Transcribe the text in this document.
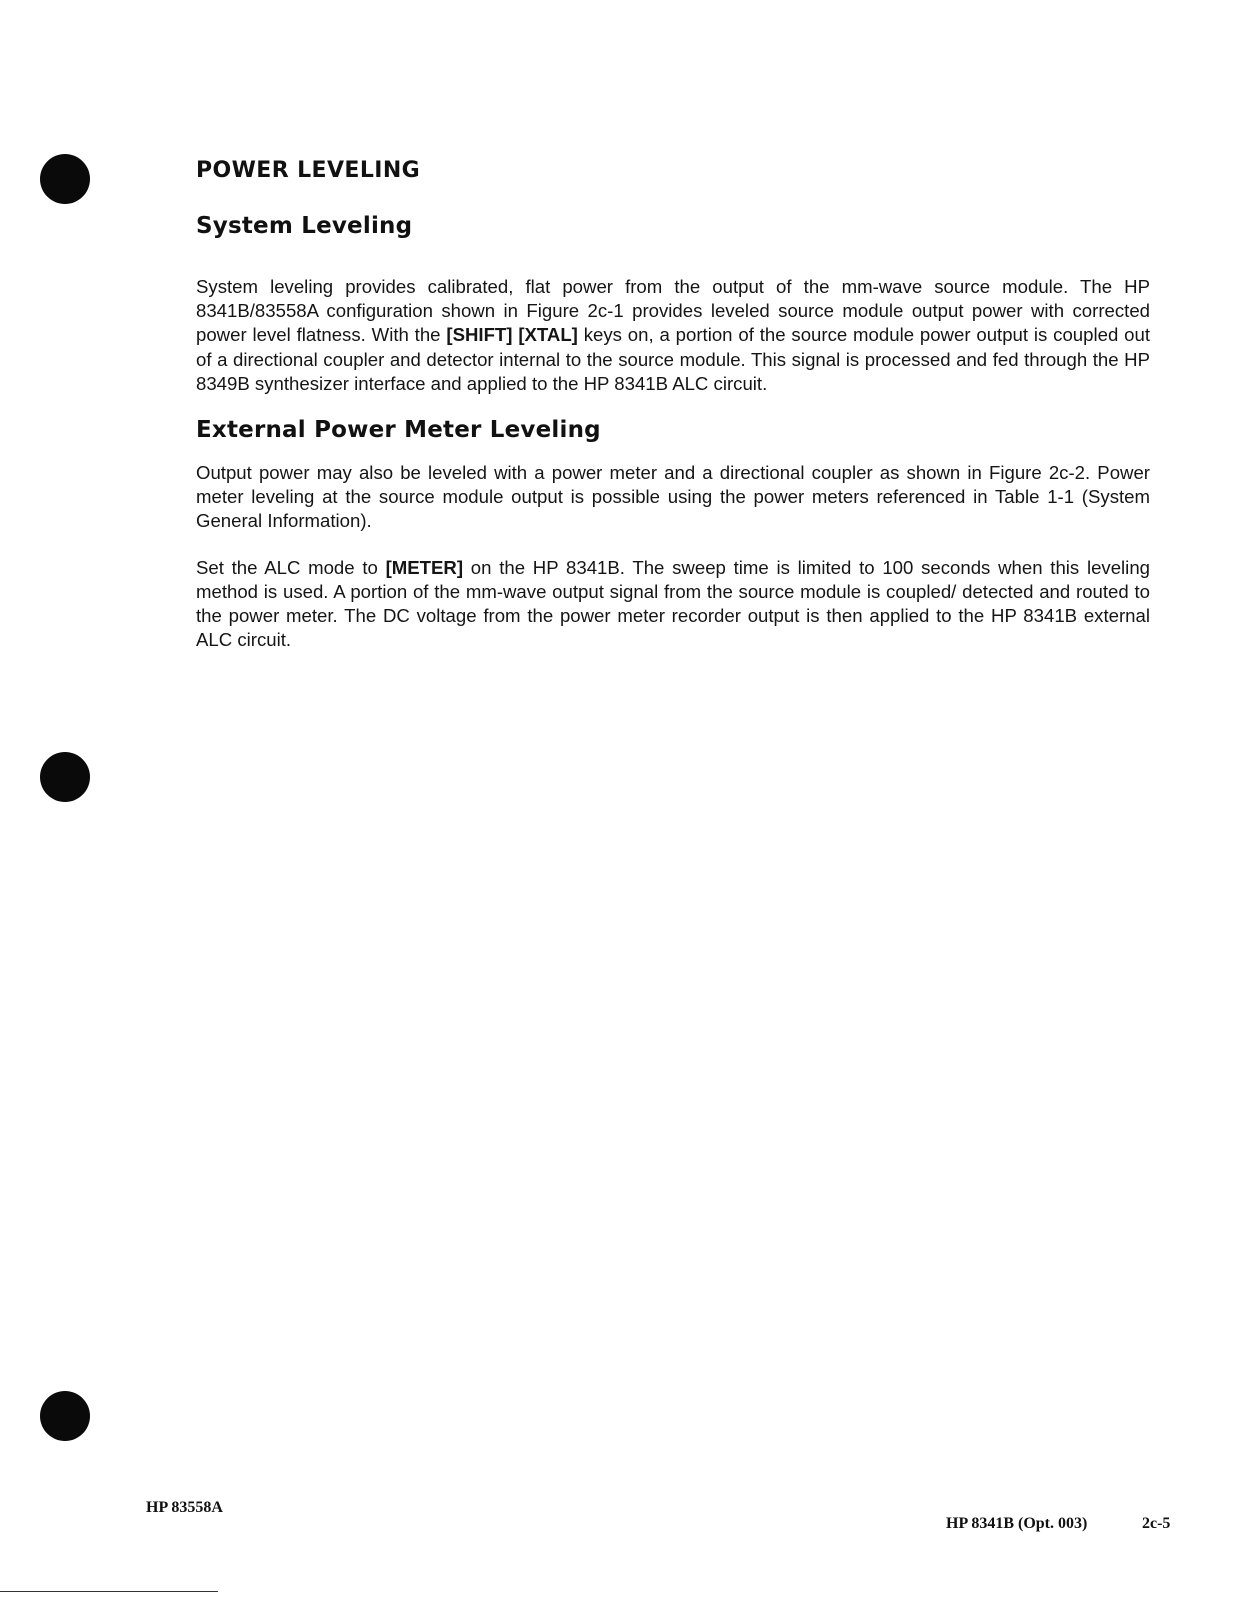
POWER LEVELING
System Leveling

System leveling provides calibrated, flat power from the output of the mm-wave source module. The HP 8341B/83558A configuration shown in Figure 2c-1 provides leveled source module output power with corrected power level flatness. With the [SHIFT] [XTAL] keys on, a portion of the source module power output is coupled out of a directional coupler and detector internal to the source module. This signal is processed and fed through the HP 8349B synthesizer interface and applied to the HP 8341B ALC circuit.

External Power Meter Leveling

Output power may also be leveled with a power meter and a directional coupler as shown in Figure 2c-2. Power meter leveling at the source module output is possible using the power meters referenced in Table 1-1 (System General Information).

Set the ALC mode to [METER] on the HP 8341B. The sweep time is limited to 100 seconds when this leveling method is used. A portion of the mm-wave output signal from the source module is coupled/ detected and routed to the power meter. The DC voltage from the power meter recorder output is then applied to the HP 8341B external ALC circuit.

HP 83558A
HP 8341B (Opt. 003)	2c-5
